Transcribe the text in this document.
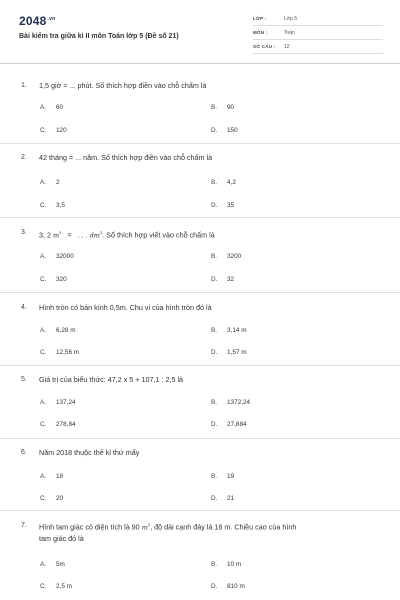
$2048^{.vn}$
Bài kiểm tra giữa kì II môn Toán lớp 5 (Đề số 21)
LỚP :	Lớp 5
MÔN :	Toán
SỐ CÂU : 12
1. 1,5 giờ = ... phút. Số thích hợp điền vào chỗ chấm là
A. 60	B. 90
C. 120	D. 150
2. 42 tháng = ... năm. Số thích hợp điền vào chỗ chấm là
A. 2	B. 4,2
C. 3,5	D. 35
3. 3, 2 $m^3$ = . . . $dm^3$. Số thích hợp viết vào chỗ chấm là
A. 32000	B. 3200
C. 320	D. 32
4. Hình tròn có bán kính 0,5m. Chu vi của hình tròn đó là
A. 6,28 m	B. 3,14 m
C. 12,56 m	D. 1,57 m
5. Giá trị của biểu thức: 47,2 x 5 + 107,1 : 2,5 là
A. 137,24	B. 1372,24
C. 278,84	D. 27,884
6. Năm 2018 thuộc thế kỉ thứ mấy
A. 18	B. 19
C. 20	D. 21
7. Hình tam giác có diện tích là 90 $m^2$, độ dài cạnh đáy là 18 m. Chiều cao của hình
tam giác đó là
A. 5m	B. 10 m
C. 2,5 m	D. 810 m
